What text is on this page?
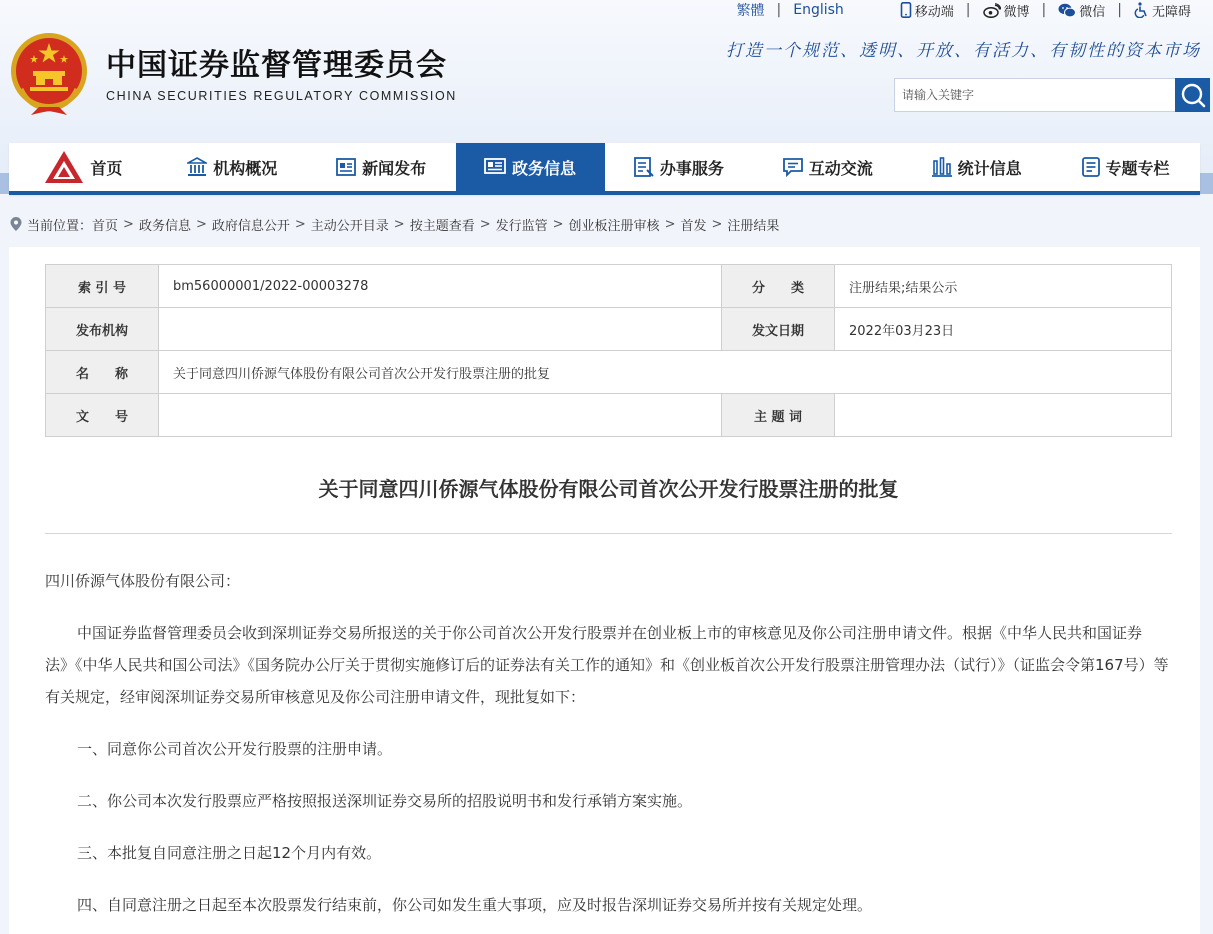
繁體 | English	移动端 |	微博 |	微信 | 无障碍
中国证券监督管理委员会
CHINA SECURITIES REGULATORY COMMISSION
打造一个规范、透明、开放、有活力、有韧性的资本市场
请输入关键字
首页	机构概况	新闻发布	政务信息	办事服务	互动交流	统计信息	专题专栏
当前位置： 首页 > 政务信息 > 政府信息公开 > 主动公开目录 > 按主题查看 > 发行监管 > 创业板注册审核 > 首发 > 注册结果
索 引 号	bm56000001/2022-00003278	分　　类	注册结果;结果公示
发布机构		发文日期	2022年03月23日
名　　称	关于同意四川侨源气体股份有限公司首次公开发行股票注册的批复		
文　　号		主 题 词	
关于同意四川侨源气体股份有限公司首次公开发行股票注册的批复

四川侨源气体股份有限公司：

中国证券监督管理委员会收到深圳证券交易所报送的关于你公司首次公开发行股票并在创业板上市的审核意见及你公司注册申请文件。根据《中华人民共和国证券法》《中华人民共和国公司法》《国务院办公厅关于贯彻实施修订后的证券法有关工作的通知》和《创业板首次公开发行股票注册管理办法（试行）》（证监会令第167号）等有关规定，经审阅深圳证券交易所审核意见及你公司注册申请文件，现批复如下：

一、同意你公司首次公开发行股票的注册申请。

二、你公司本次发行股票应严格按照报送深圳证券交易所的招股说明书和发行承销方案实施。

三、本批复自同意注册之日起12个月内有效。

四、自同意注册之日起至本次股票发行结束前，你公司如发生重大事项，应及时报告深圳证券交易所并按有关规定处理。
